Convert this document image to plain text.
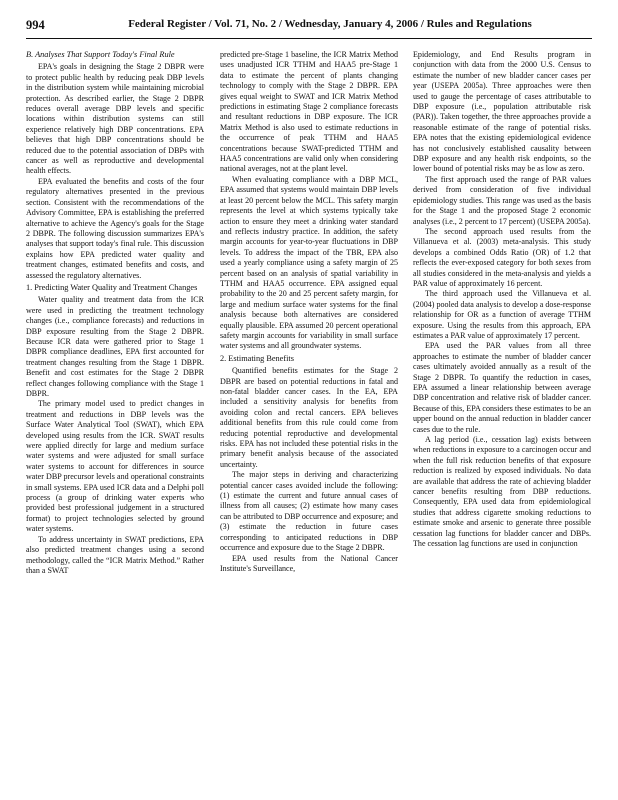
994	Federal Register / Vol. 71, No. 2 / Wednesday, January 4, 2006 / Rules and Regulations
B. Analyses That Support Today's Final Rule

EPA's goals in designing the Stage 2 DBPR were to protect public health by reducing peak DBP levels in the distribution system while maintaining microbial protection. As described earlier, the Stage 2 DBPR reduces overall average DBP levels and specific locations within distribution systems can still experience relatively high DBP concentrations. EPA believes that high DBP concentrations should be reduced due to the potential association of DBPs with cancer as well as reproductive and developmental health effects.

EPA evaluated the benefits and costs of the four regulatory alternatives presented in the previous section. Consistent with the recommendations of the Advisory Committee, EPA is establishing the preferred alternative to achieve the Agency's goals for the Stage 2 DBPR. The following discussion summarizes EPA's analyses that support today's final rule. This discussion explains how EPA predicted water quality and treatment changes, estimated benefits and costs, and assessed the regulatory alternatives.

1. Predicting Water Quality and Treatment Changes

Water quality and treatment data from the ICR were used in predicting the treatment technology changes (i.e., compliance forecasts) and reductions in DBP exposure resulting from the Stage 2 DBPR. Because ICR data were gathered prior to Stage 1 DBPR compliance deadlines, EPA first accounted for treatment changes resulting from the Stage 1 DBPR. Benefit and cost estimates for the Stage 2 DBPR reflect changes following compliance with the Stage 1 DBPR.

The primary model used to predict changes in treatment and reductions in DBP levels was the Surface Water Analytical Tool (SWAT), which EPA developed using results from the ICR. SWAT results were applied directly for large and medium surface water systems and were adjusted for small surface water systems to account for differences in source water DBP precursor levels and operational constraints in small systems. EPA used ICR data and a Delphi poll process (a group of drinking water experts who provided best professional judgement in a structured format) to project technologies selected by ground water systems.

To address uncertainty in SWAT predictions, EPA also predicted treatment changes using a second methodology, called the “ICR Matrix Method.” Rather than a SWAT

predicted pre-Stage 1 baseline, the ICR Matrix Method uses unadjusted ICR TTHM and HAA5 pre-Stage 1 data to estimate the percent of plants changing technology to comply with the Stage 2 DBPR. EPA gives equal weight to SWAT and ICR Matrix Method predictions in estimating Stage 2 compliance forecasts and resultant reductions in DBP exposure. The ICR Matrix Method is also used to estimate reductions in the occurrence of peak TTHM and HAA5 concentrations because SWAT-predicted TTHM and HAA5 concentrations are valid only when considering national averages, not at the plant level.

When evaluating compliance with a DBP MCL, EPA assumed that systems would maintain DBP levels at least 20 percent below the MCL. This safety margin represents the level at which systems typically take action to ensure they meet a drinking water standard and reflects industry practice. In addition, the safety margin accounts for year-to-year fluctuations in DBP levels. To address the impact of the TBR, EPA also used a yearly compliance using a safety margin of 25 percent based on an analysis of spatial variability in TTHM and HAA5 occurrence. EPA assigned equal probability to the 20 and 25 percent safety margin, for large and medium surface water systems for the final analysis because both alternatives are considered equally plausible. EPA assumed 20 percent operational safety margin accounts for variability in small surface water systems and all groundwater systems.

2. Estimating Benefits

Quantified benefits estimates for the Stage 2 DBPR are based on potential reductions in fatal and non-fatal bladder cancer cases. In the EA, EPA included a sensitivity analysis for benefits from avoiding colon and rectal cancers. EPA believes additional benefits from this rule could come from reducing potential reproductive and developmental risks. EPA has not included these potential risks in the primary benefit analysis because of the associated uncertainty.

The major steps in deriving and characterizing potential cancer cases avoided include the following: (1) estimate the current and future annual cases of illness from all causes; (2) estimate how many cases can be attributed to DBP occurrence and exposure; and (3) estimate the reduction in future cases corresponding to anticipated reductions in DBP occurrence and exposure due to the Stage 2 DBPR.

EPA used results from the National Cancer Institute's Surveillance,

Epidemiology, and End Results program in conjunction with data from the 2000 U.S. Census to estimate the number of new bladder cancer cases per year (USEPA 2005a). Three approaches were then used to gauge the percentage of cases attributable to DBP exposure (i.e., population attributable risk (PAR)). Taken together, the three approaches provide a reasonable estimate of the range of potential risks. EPA notes that the existing epidemiological evidence has not conclusively established causality between DBP exposure and any health risk endpoints, so the lower bound of potential risks may be as low as zero.

The first approach used the range of PAR values derived from consideration of five individual epidemiology studies. This range was used as the basis for the Stage 1 and the proposed Stage 2 economic analyses (i.e., 2 percent to 17 percent) (USEPA 2005a).

The second approach used results from the Villanueva et al. (2003) meta-analysis. This study develops a combined Odds Ratio (OR) of 1.2 that reflects the ever-exposed category for both sexes from all studies considered in the meta-analysis and yields a PAR value of approximately 16 percent.

The third approach used the Villanueva et al. (2004) pooled data analysis to develop a dose-response relationship for OR as a function of average TTHM exposure. Using the results from this approach, EPA estimates a PAR value of approximately 17 percent.

EPA used the PAR values from all three approaches to estimate the number of bladder cancer cases ultimately avoided annually as a result of the Stage 2 DBPR. To quantify the reduction in cases, EPA assumed a linear relationship between average DBP concentration and relative risk of bladder cancer. Because of this, EPA considers these estimates to be an upper bound on the annual reduction in bladder cancer cases due to the rule.

A lag period (i.e., cessation lag) exists between when reductions in exposure to a carcinogen occur and when the full risk reduction benefits of that exposure reduction is realized by exposed individuals. No data are available that address the rate of achieving bladder cancer benefits resulting from DBP reductions. Consequently, EPA used data from epidemiological studies that address cigarette smoking reductions to estimate smoke and arsenic to generate three possible cessation lag functions for bladder cancer and DBPs. The cessation lag functions are used in conjunction
